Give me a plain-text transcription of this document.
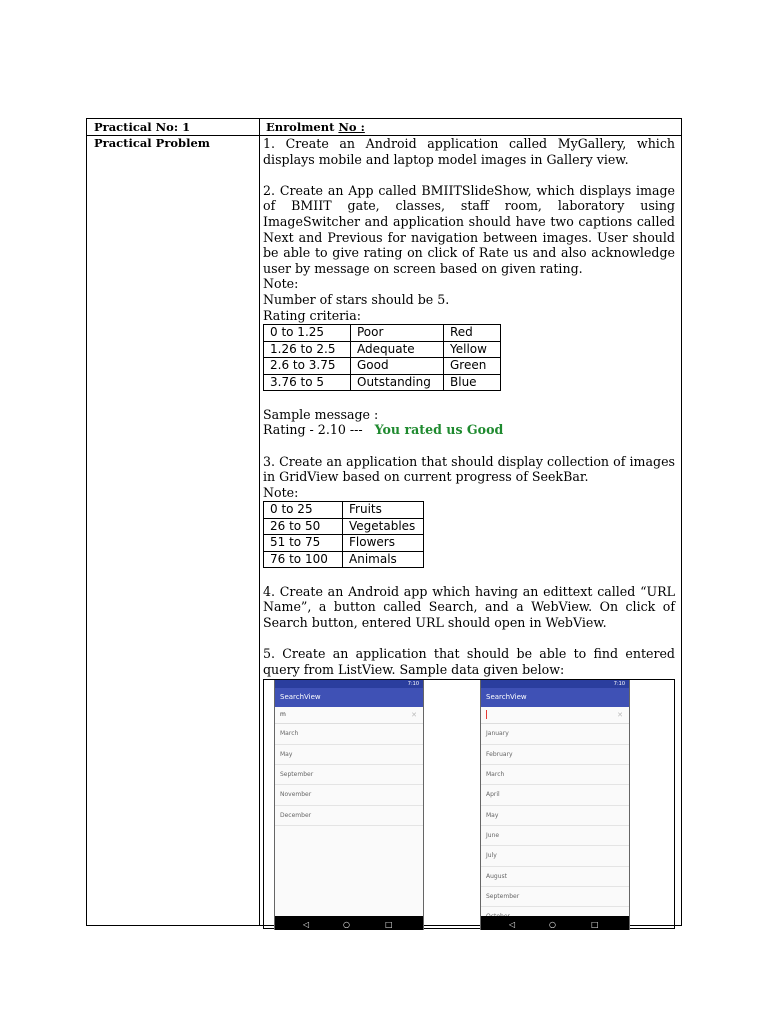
Practical No: 1	Enrolment No :
Practical Problem	1. Create an Android application called MyGallery, which displays mobile and laptop model images in Gallery view.

2. Create an App called BMIITSlideShow, which displays image of BMIIT gate, classes, staff room, laboratory using ImageSwitcher and application should have two captions called Next and Previous for navigation between images. User should be able to give rating on click of Rate us and also acknowledge user by message on screen based on given rating.

Note:

Number of stars should be 5.

Rating criteria:

0 to 1.25	Poor	Red
1.26 to 2.5	Adequate	Yellow
2.6 to 3.75	Good	Green
3.76 to 5	Outstanding	Blue

Sample message :

Rating - 2.10 --- You rated us Good

3. Create an application that should display collection of images in GridView based on current progress of SeekBar.

Note:

0 to 25	Fruits
26 to 50	Vegetables
51 to 75	Flowers
76 to 100	Animals

4. Create an Android app which having an edittext called “URL Name”, a button called Search, and a WebView. On click of Search button, entered URL should open in WebView.

5. Create an application that should be able to find entered query from ListView. Sample data given below:

7:10
SearchView
m	✕
March
May
September
November
December
◁	○	□
7:10
SearchView
✕
January
February
March
April
May
June
July
August
September
◁	○	□
